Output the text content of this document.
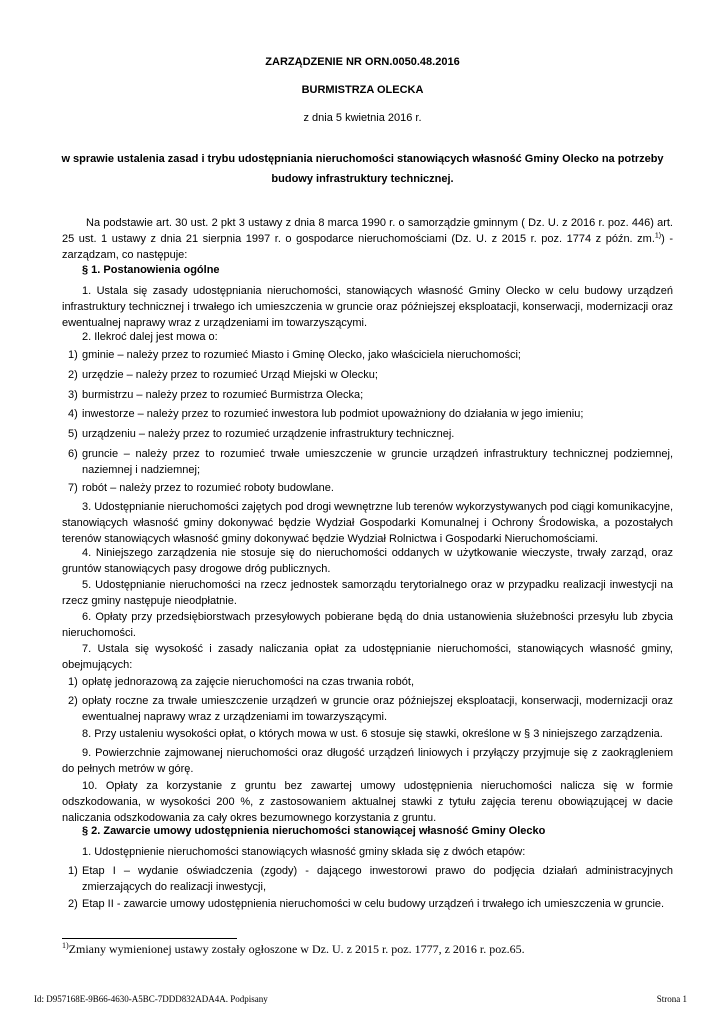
ZARZĄDZENIE NR ORN.0050.48.2016
BURMISTRZA OLECKA
z dnia 5 kwietnia 2016 r.
w sprawie ustalenia zasad i trybu udostępniania nieruchomości stanowiących własność Gminy Olecko na potrzeby
budowy infrastruktury technicznej.
Na podstawie art. 30 ust. 2 pkt 3 ustawy z dnia 8 marca 1990 r. o samorządzie gminnym ( Dz. U. z 2016 r. poz. 446) art. 25 ust. 1 ustawy z dnia 21 sierpnia 1997 r. o gospodarce nieruchomościami (Dz. U. z 2015 r. poz. 1774 z późn. zm.$^{1)}$) - zarządzam, co następuje:
§ 1. Postanowienia ogólne
1. Ustala się zasady udostępniania nieruchomości, stanowiących własność Gminy Olecko w celu budowy urządzeń infrastruktury technicznej i trwałego ich umieszczenia w gruncie oraz późniejszej eksploatacji, konserwacji, modernizacji oraz ewentualnej naprawy wraz z urządzeniami im towarzyszącymi.
2. Ilekroć dalej jest mowa o:
1) gminie – należy przez to rozumieć Miasto i Gminę Olecko, jako właściciela nieruchomości;
2) urzędzie – należy przez to rozumieć Urząd Miejski w Olecku;
3) burmistrzu – należy przez to rozumieć Burmistrza Olecka;
4) inwestorze – należy przez to rozumieć inwestora lub podmiot upoważniony do działania w jego imieniu;
5) urządzeniu – należy przez to rozumieć urządzenie infrastruktury technicznej.
6) gruncie – należy przez to rozumieć trwałe umieszczenie w gruncie urządzeń infrastruktury technicznej podziemnej, naziemnej i nadziemnej;
7) robót – należy przez to rozumieć roboty budowlane.
3. Udostępnianie nieruchomości zajętych pod drogi wewnętrzne lub terenów wykorzystywanych pod ciągi komunikacyjne, stanowiących własność gminy dokonywać będzie Wydział Gospodarki Komunalnej i Ochrony Środowiska, a pozostałych terenów stanowiących własność gminy dokonywać będzie Wydział Rolnictwa i Gospodarki Nieruchomościami.
4. Niniejszego zarządzenia nie stosuje się do nieruchomości oddanych w użytkowanie wieczyste, trwały zarząd, oraz gruntów stanowiących pasy drogowe dróg publicznych.
5. Udostępnianie nieruchomości na rzecz jednostek samorządu terytorialnego oraz w przypadku realizacji inwestycji na rzecz gminy następuje nieodpłatnie.
6. Opłaty przy przedsiębiorstwach przesyłowych pobierane będą do dnia ustanowienia służebności przesyłu lub zbycia nieruchomości.
7. Ustala się wysokość i zasady naliczania opłat za udostępnianie nieruchomości, stanowiących własność gminy, obejmujących:
1) opłatę jednorazową za zajęcie nieruchomości na czas trwania robót,
2) opłaty roczne za trwałe umieszczenie urządzeń w gruncie oraz późniejszej eksploatacji, konserwacji, modernizacji oraz ewentualnej naprawy wraz z urządzeniami im towarzyszącymi.
8. Przy ustaleniu wysokości opłat, o których mowa w ust. 6 stosuje się stawki, określone w § 3 niniejszego zarządzenia.
9. Powierzchnie zajmowanej nieruchomości oraz długość urządzeń liniowych i przyłączy przyjmuje się z zaokrągleniem do pełnych metrów w górę.
10. Opłaty za korzystanie z gruntu bez zawartej umowy udostępnienia nieruchomości nalicza się w formie odszkodowania, w wysokości 200 %, z zastosowaniem aktualnej stawki z tytułu zajęcia terenu obowiązującej w dacie naliczania odszkodowania za cały okres bezumownego korzystania z gruntu.
§ 2. Zawarcie umowy udostępnienia nieruchomości stanowiącej własność Gminy Olecko
1. Udostępnienie nieruchomości stanowiących własność gminy składa się z dwóch etapów:
1) Etap I – wydanie oświadczenia (zgody) - dającego inwestorowi prawo do podjęcia działań administracyjnych zmierzających do realizacji inwestycji,
2) Etap II - zawarcie umowy udostępnienia nieruchomości w celu budowy urządzeń i trwałego ich umieszczenia w gruncie.
$^{1)}$Zmiany wymienionej ustawy zostały ogłoszone w Dz. U. z 2015 r. poz. 1777, z 2016 r. poz.65.
Id: D957168E-9B66-4630-A5BC-7DDD832ADA4A. Podpisany	Strona 1
